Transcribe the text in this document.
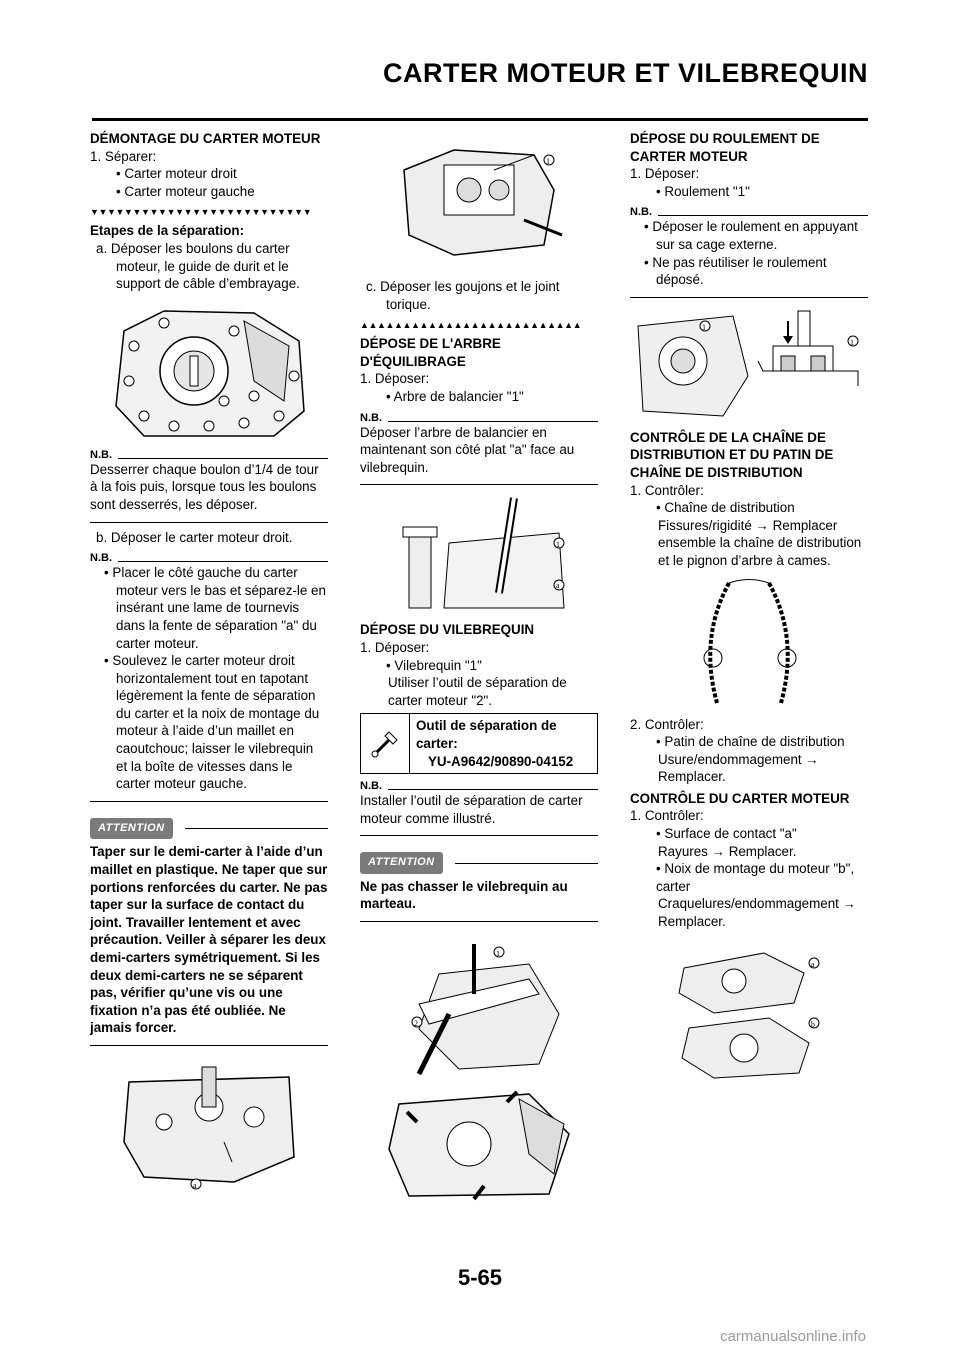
CARTER MOTEUR ET VILEBREQUIN
DÉMONTAGE DU CARTER MOTEUR
1. Séparer:
• Carter moteur droit
• Carter moteur gauche
▼▼▼▼▼▼▼▼▼▼▼▼▼▼▼▼▼▼▼▼▼▼▼▼▼▼
Etapes de la séparation:
a. Déposer les boulons du carter moteur, le guide de durit et le support de câble d’embrayage.
N.B.
Desserrer chaque boulon d’1/4 de tour à la fois puis, lorsque tous les boulons sont desserrés, les déposer.
b. Déposer le carter moteur droit.
N.B.
• Placer le côté gauche du carter moteur vers le bas et séparez-le en insérant une lame de tournevis dans la fente de séparation "a" du carter moteur.
• Soulevez le carter moteur droit horizontalement tout en tapotant légèrement la fente de séparation du carter et la noix de montage du moteur à l’aide d’un maillet en caoutchouc; laisser le vilebrequin et la boîte de vitesses dans le carter moteur gauche.
ATTENTION
Taper sur le demi-carter à l’aide d’un maillet en plastique. Ne taper que sur portions renforcées du carter. Ne pas taper sur la surface de contact du joint. Travailler lentement et avec précaution. Veiller à séparer les deux demi-carters symétriquement. Si les deux demi-carters ne se séparent pas, vérifier qu’une vis ou une fixation n’a pas été oubliée. Ne jamais forcer.
a
1
c. Déposer les goujons et le joint torique.
▲▲▲▲▲▲▲▲▲▲▲▲▲▲▲▲▲▲▲▲▲▲▲▲▲▲
DÉPOSE DE L'ARBRE D'ÉQUILIBRAGE
1. Déposer:
• Arbre de balancier "1"
N.B.
Déposer l’arbre de balancier en maintenant son côté plat "a" face au vilebrequin.
1
a
DÉPOSE DU VILEBREQUIN
1. Déposer:
• Vilebrequin "1"
Utiliser l’outil de séparation de carter moteur "2".
Outil de séparation de carter:
YU-A9642/90890-04152
N.B.
Installer l’outil de séparation de carter moteur comme illustré.
ATTENTION
Ne pas chasser le vilebrequin au marteau.
1
2
DÉPOSE DU ROULEMENT DE CARTER MOTEUR
1. Déposer:
• Roulement "1"
N.B.
• Déposer le roulement en appuyant sur sa cage externe.
• Ne pas réutiliser le roulement déposé.
1
1
CONTRÔLE DE LA CHAÎNE DE DISTRIBUTION ET DU PATIN DE CHAÎNE DE DISTRIBUTION
1. Contrôler:
• Chaîne de distribution
Fissures/rigidité → Remplacer ensemble la chaîne de distribution et le pignon d’arbre à cames.
2. Contrôler:
• Patin de chaîne de distribution
Usure/endommagement → Remplacer.
CONTRÔLE DU CARTER MOTEUR
1. Contrôler:
• Surface de contact "a"
Rayures → Remplacer.
• Noix de montage du moteur "b", carter
Craquelures/endommagement → Remplacer.
a
b
5-65
carmanualsonline.info
